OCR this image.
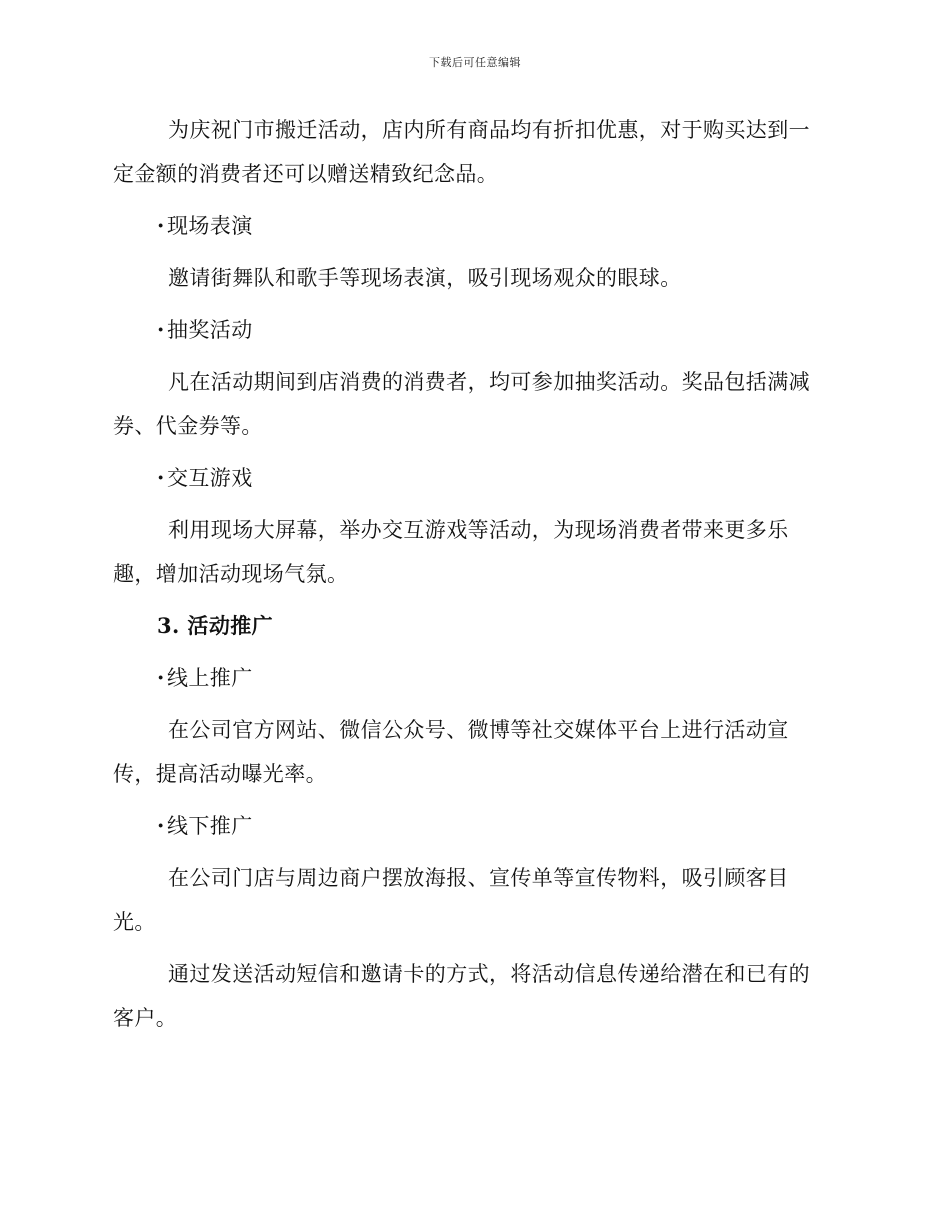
下载后可任意编辑

为庆祝门市搬迁活动，店内所有商品均有折扣优惠，对于购买达到一定金额的消费者还可以赠送精致纪念品。

· 现场表演

邀请街舞队和歌手等现场表演，吸引现场观众的眼球。

· 抽奖活动

凡在活动期间到店消费的消费者，均可参加抽奖活动。奖品包括满减券、代金券等。

· 交互游戏

利用现场大屏幕，举办交互游戏等活动，为现场消费者带来更多乐趣，增加活动现场气氛。

3. 活动推广
· 线上推广

在公司官方网站、微信公众号、微博等社交媒体平台上进行活动宣传，提高活动曝光率。

· 线下推广

在公司门店与周边商户摆放海报、宣传单等宣传物料，吸引顾客目光。

通过发送活动短信和邀请卡的方式，将活动信息传递给潜在和已有的客户。
